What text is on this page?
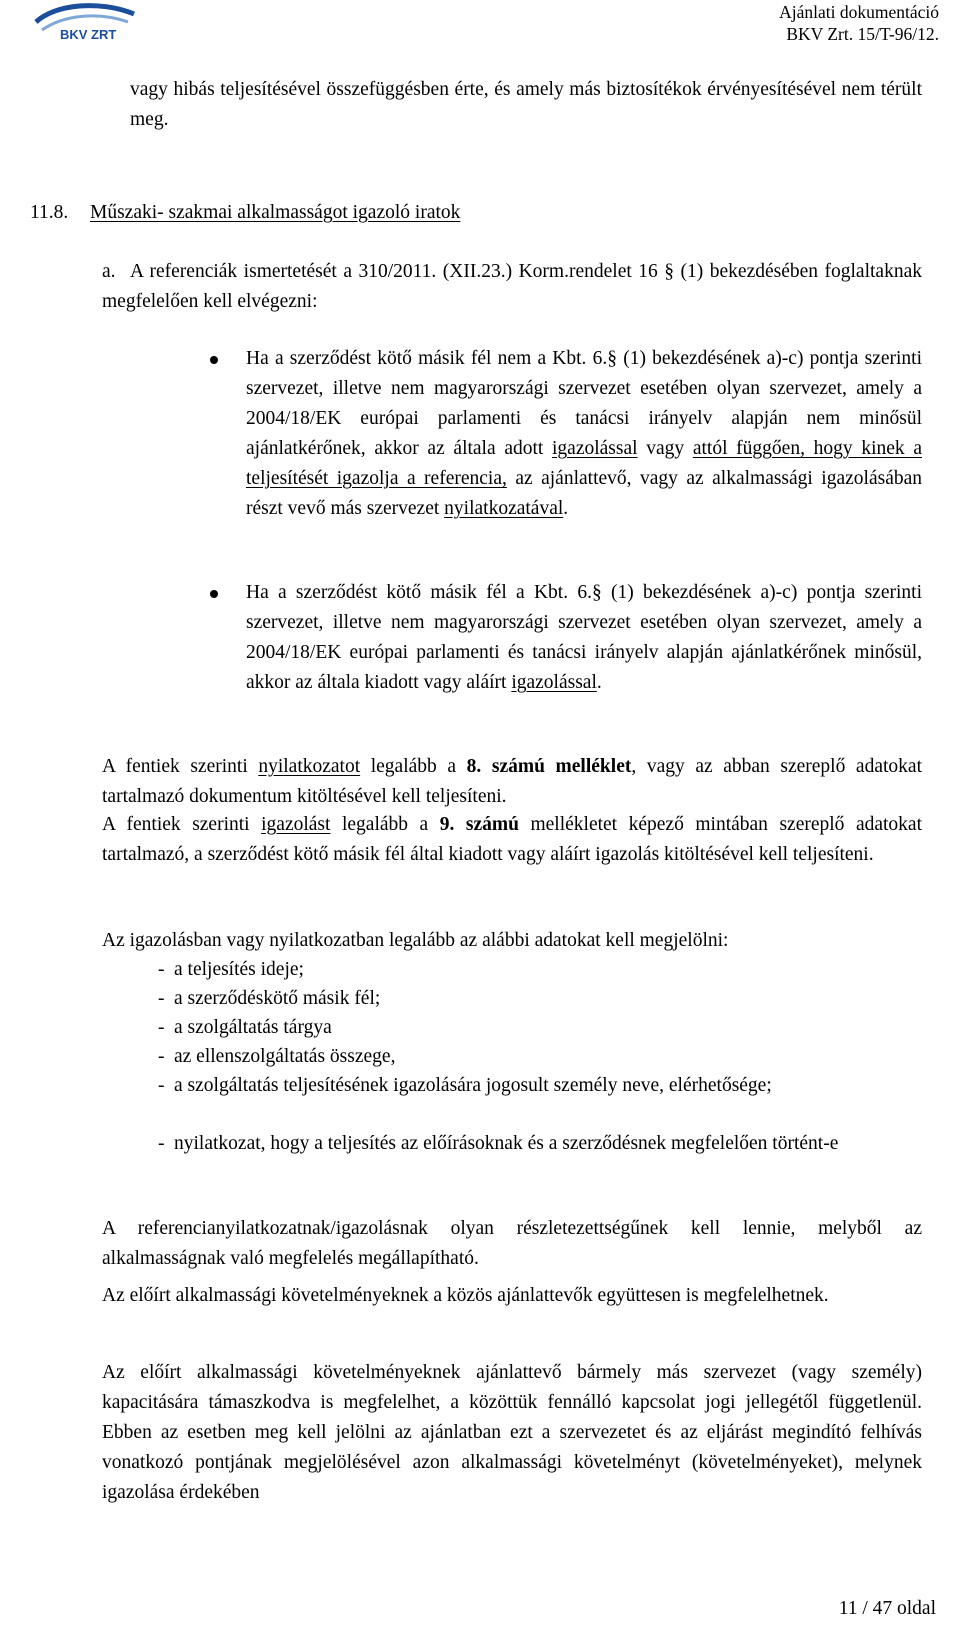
BKV ZRT
Ajánlati dokumentáció
BKV Zrt. 15/T-96/12.
vagy hibás teljesítésével összefüggésben érte, és amely más biztosítékok érvényesítésével nem térült meg.
11.8. Műszaki- szakmai alkalmasságot igazoló iratok
a. A referenciák ismertetését a 310/2011. (XII.23.) Korm.rendelet 16 § (1) bekezdésében foglaltaknak megfelelően kell elvégezni:
Ha a szerződést kötő másik fél nem a Kbt. 6.§ (1) bekezdésének a)-c) pontja szerinti szervezet, illetve nem magyarországi szervezet esetében olyan szervezet, amely a 2004/18/EK európai parlamenti és tanácsi irányelv alapján nem minősül ajánlatkérőnek, akkor az általa adott igazolással vagy attól függően, hogy kinek a teljesítését igazolja a referencia, az ajánlattevő, vagy az alkalmassági igazolásában részt vevő más szervezet nyilatkozatával.
Ha a szerződést kötő másik fél a Kbt. 6.§ (1) bekezdésének a)-c) pontja szerinti szervezet, illetve nem magyarországi szervezet esetében olyan szervezet, amely a 2004/18/EK európai parlamenti és tanácsi irányelv alapján ajánlatkérőnek minősül, akkor az általa kiadott vagy aláírt igazolással.
A fentiek szerinti nyilatkozatot legalább a 8. számú melléklet, vagy az abban szereplő adatokat tartalmazó dokumentum kitöltésével kell teljesíteni.
A fentiek szerinti igazolást legalább a 9. számú mellékletet képező mintában szereplő adatokat tartalmazó, a szerződést kötő másik fél által kiadott vagy aláírt igazolás kitöltésével kell teljesíteni.
Az igazolásban vagy nyilatkozatban legalább az alábbi adatokat kell megjelölni:
- a teljesítés ideje;
- a szerződéskötő másik fél;
- a szolgáltatás tárgya
- az ellenszolgáltatás összege,
- a szolgáltatás teljesítésének igazolására jogosult személy neve, elérhetősége;
- nyilatkozat, hogy a teljesítés az előírásoknak és a szerződésnek megfelelően történt-e
A referencianyilatkozatnak/igazolásnak olyan részletezettségűnek kell lennie, melyből az alkalmasságnak való megfelelés megállapítható.
Az előírt alkalmassági követelményeknek a közös ajánlattevők együttesen is megfelelhetnek.
Az előírt alkalmassági követelményeknek ajánlattevő bármely más szervezet (vagy személy) kapacitására támaszkodva is megfelelhet, a közöttük fennálló kapcsolat jogi jellegétől függetlenül. Ebben az esetben meg kell jelölni az ajánlatban ezt a szervezetet és az eljárást megindító felhívás vonatkozó pontjának megjelölésével azon alkalmassági követelményt (követelményeket), melynek igazolása érdekében
11 / 47 oldal
